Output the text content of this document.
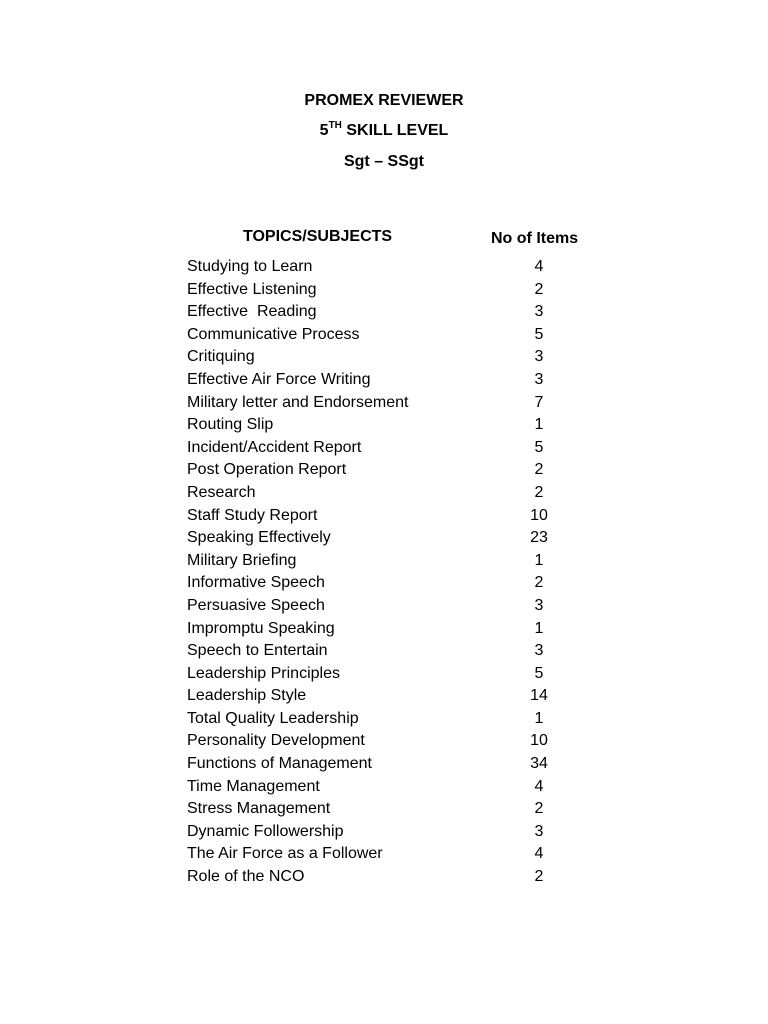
PROMEX REVIEWER
5TH SKILL LEVEL
Sgt – SSgt
TOPICS/SUBJECTS	No of Items
Studying to Learn	4
Effective Listening	2
Effective  Reading	3
Communicative Process	5
Critiquing	3
Effective Air Force Writing	3
Military letter and Endorsement	7
Routing Slip	1
Incident/Accident Report	5
Post Operation Report	2
Research	2
Staff Study Report	10
Speaking Effectively	23
Military Briefing	1
Informative Speech	2
Persuasive Speech	3
Impromptu Speaking	1
Speech to Entertain	3
Leadership Principles	5
Leadership Style	14
Total Quality Leadership	1
Personality Development	10
Functions of Management	34
Time Management	4
Stress Management	2
Dynamic Followership	3
The Air Force as a Follower	4
Role of the NCO	2
